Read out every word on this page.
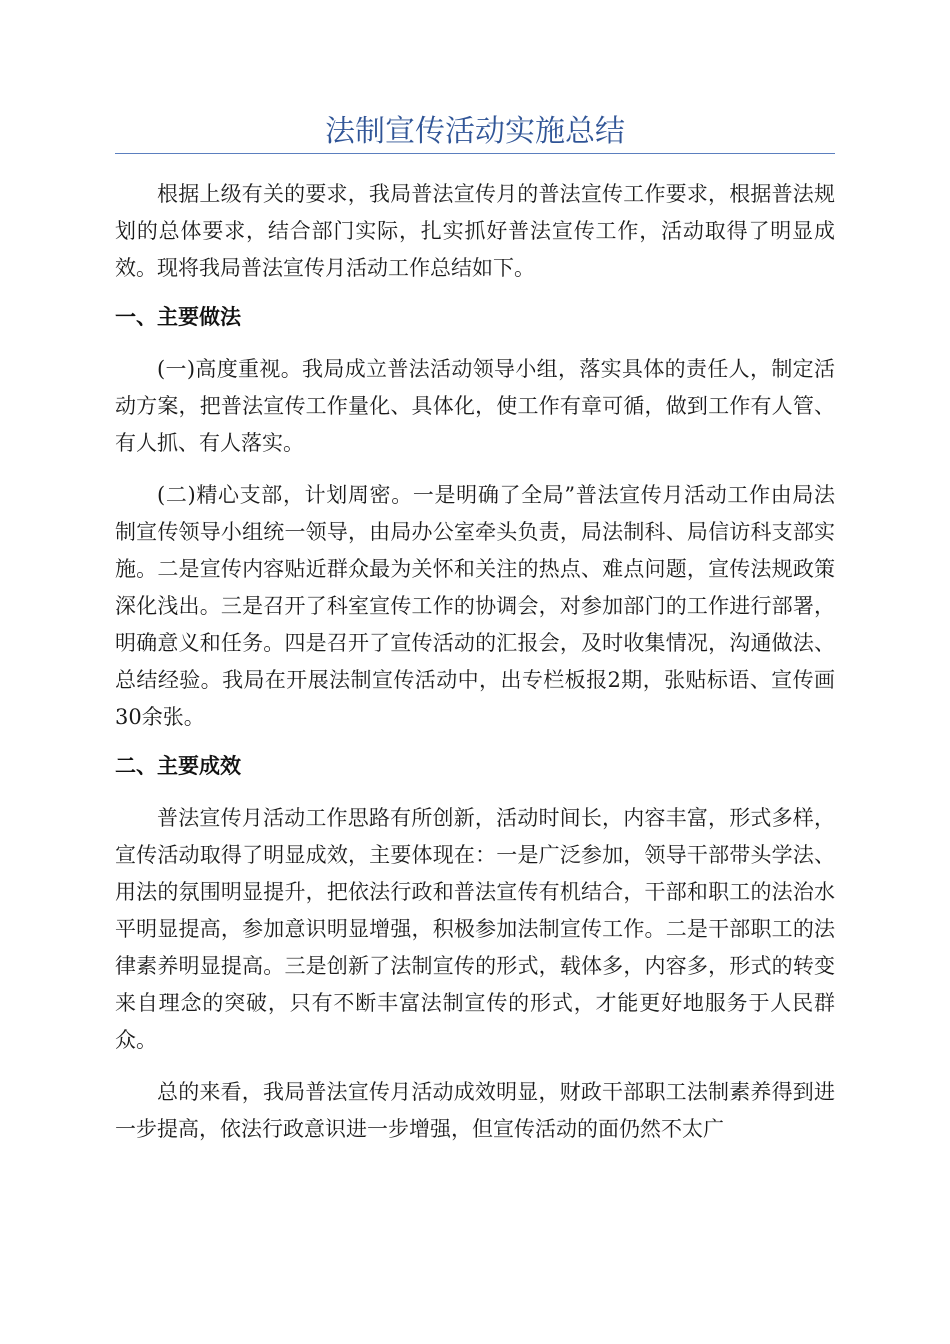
法制宣传活动实施总结

根据上级有关的要求，我局普法宣传月的普法宣传工作要求，根据普法规划的总体要求，结合部门实际，扎实抓好普法宣传工作，活动取得了明显成效。现将我局普法宣传月活动工作总结如下。

一、主要做法

(一)高度重视。我局成立普法活动领导小组，落实具体的责任人，制定活动方案，把普法宣传工作量化、具体化，使工作有章可循，做到工作有人管、有人抓、有人落实。

(二)精心支部，计划周密。一是明确了全局”普法宣传月活动工作由局法制宣传领导小组统一领导，由局办公室牵头负责，局法制科、局信访科支部实施。二是宣传内容贴近群众最为关怀和关注的热点、难点问题，宣传法规政策深化浅出。三是召开了科室宣传工作的协调会，对参加部门的工作进行部署，明确意义和任务。四是召开了宣传活动的汇报会，及时收集情况，沟通做法、总结经验。我局在开展法制宣传活动中，出专栏板报2期，张贴标语、宣传画30余张。

二、主要成效

普法宣传月活动工作思路有所创新，活动时间长，内容丰富，形式多样，宣传活动取得了明显成效，主要体现在：一是广泛参加，领导干部带头学法、用法的氛围明显提升，把依法行政和普法宣传有机结合，干部和职工的法治水平明显提高，参加意识明显增强，积极参加法制宣传工作。二是干部职工的法律素养明显提高。三是创新了法制宣传的形式，载体多，内容多，形式的转变来自理念的突破，只有不断丰富法制宣传的形式，才能更好地服务于人民群众。

总的来看，我局普法宣传月活动成效明显，财政干部职工法制素养得到进一步提高，依法行政意识进一步增强，但宣传活动的面仍然不太广
